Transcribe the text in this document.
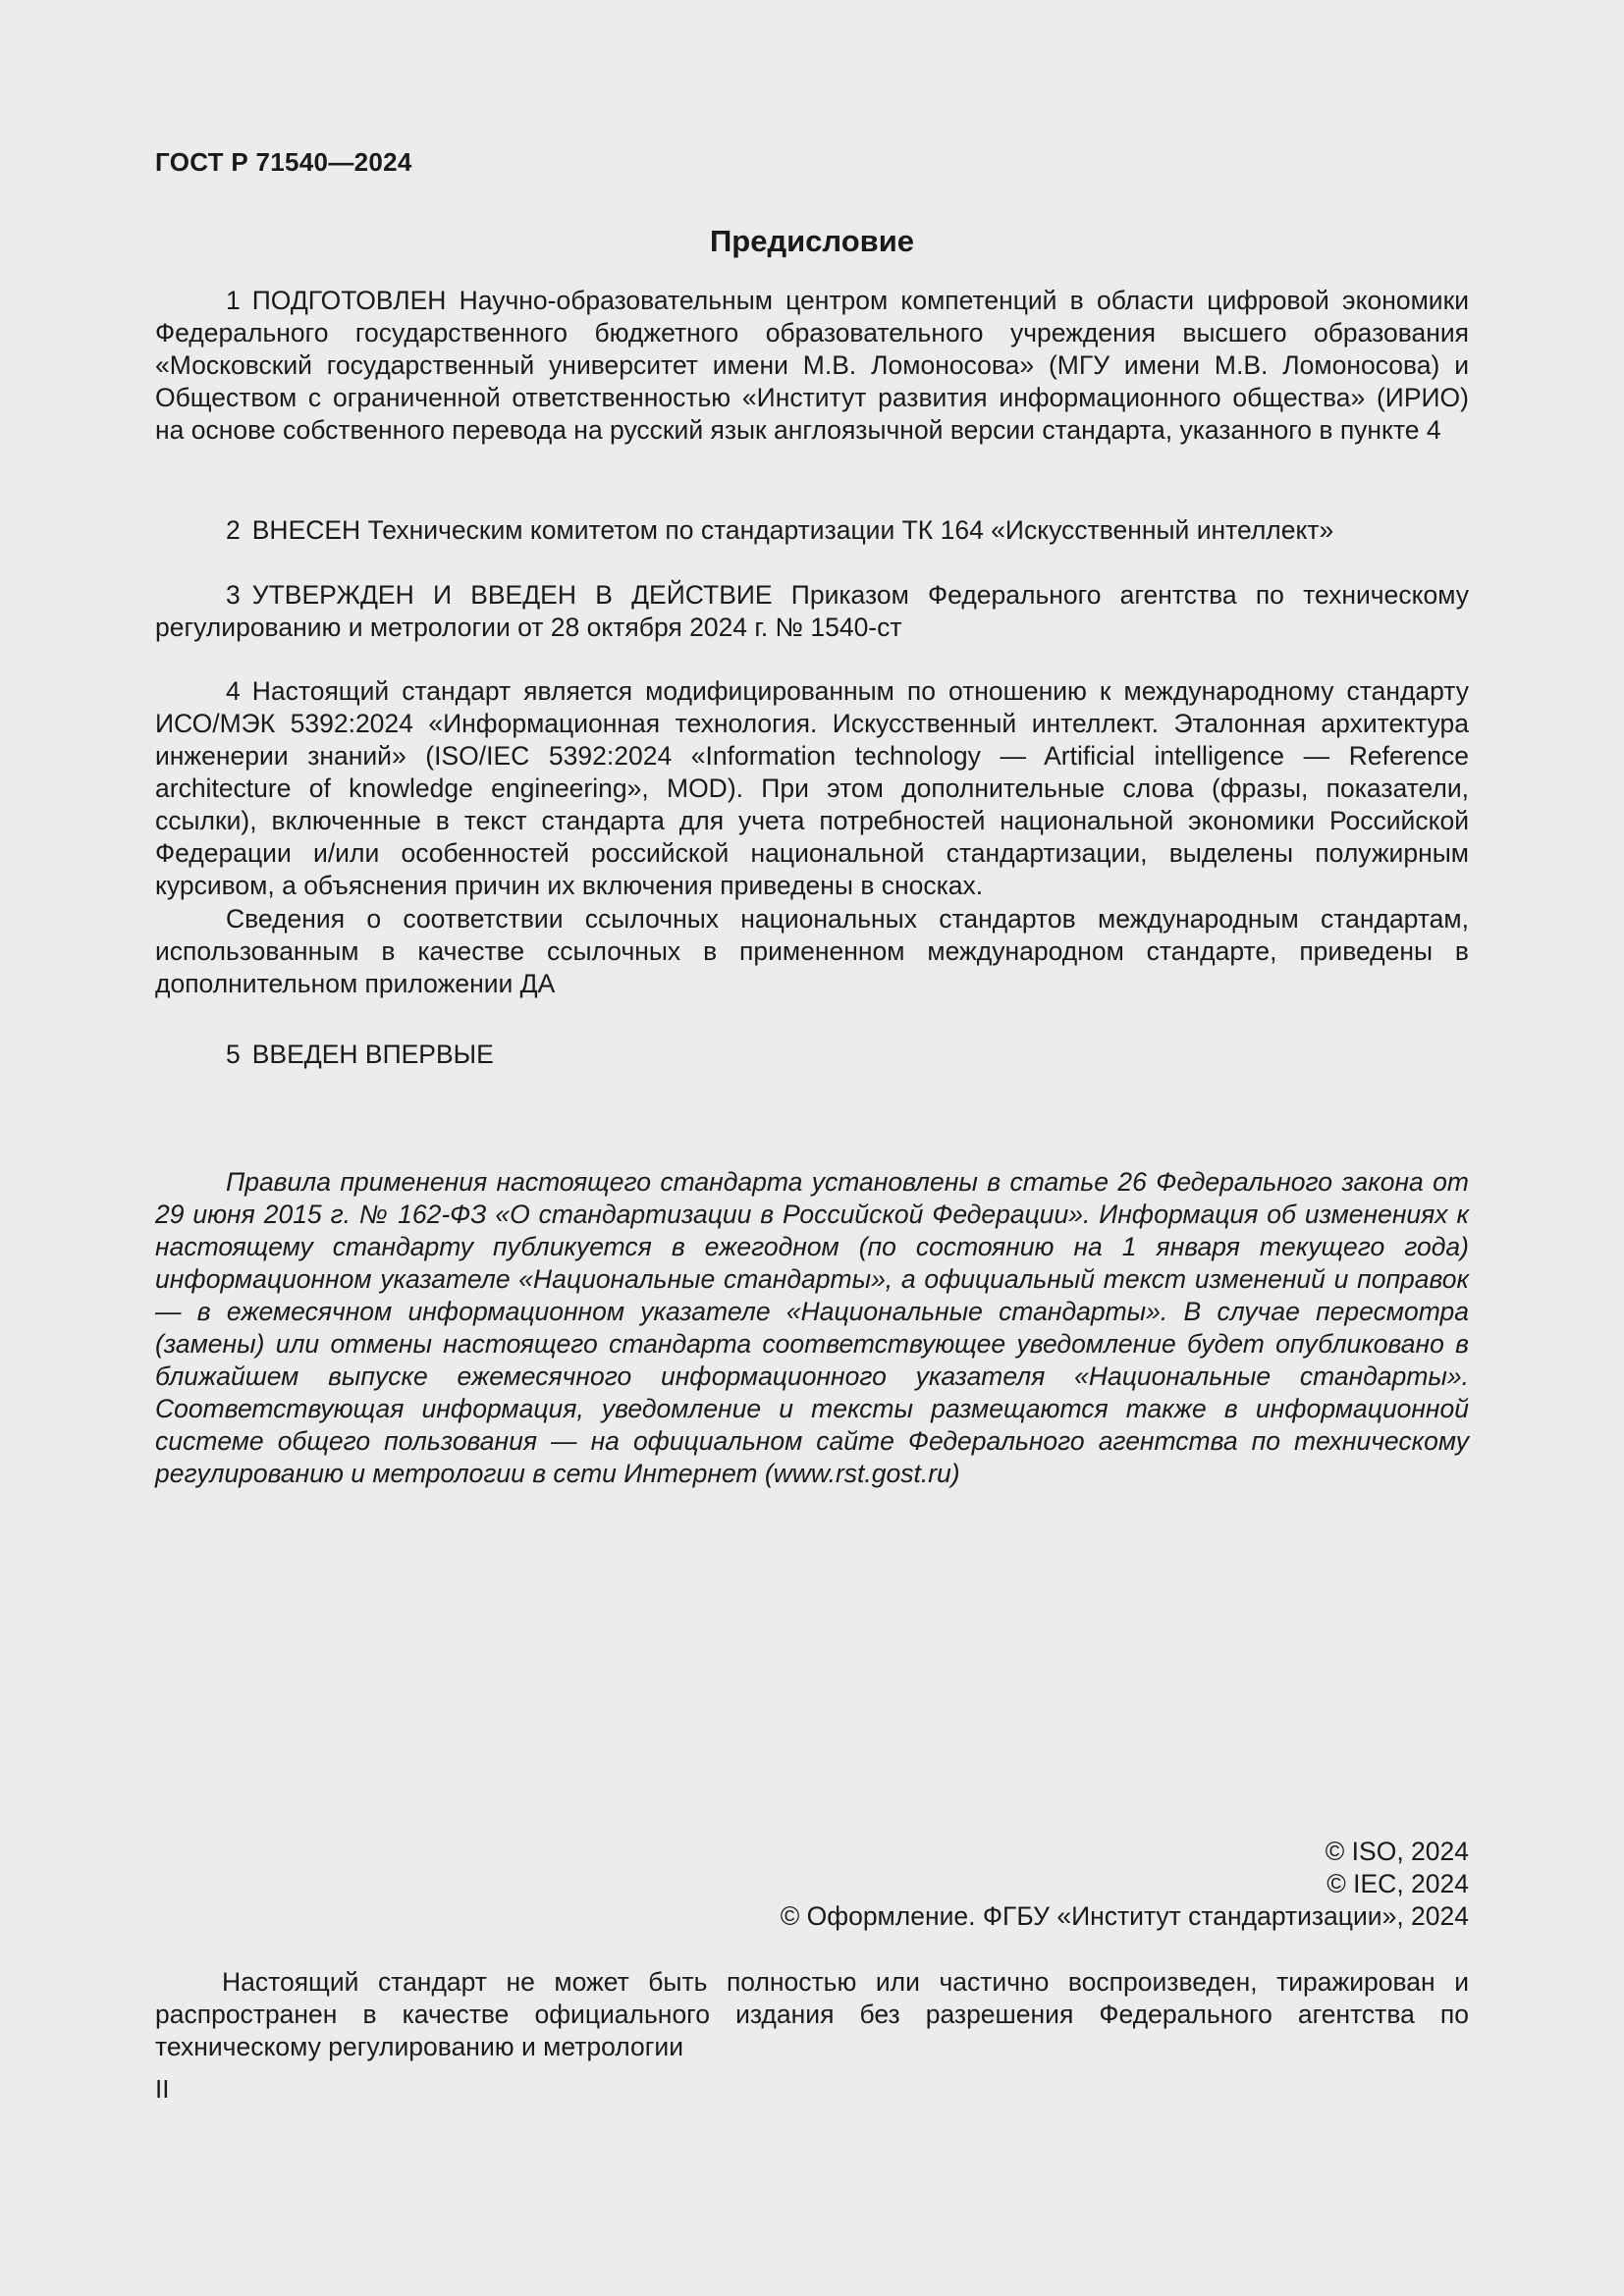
ГОСТ Р 71540—2024
Предисловие

1 ПОДГОТОВЛЕН Научно-образовательным центром компетенций в области цифровой экономики Федерального государственного бюджетного образовательного учреждения высшего образования «Московский государственный университет имени М.В. Ломоносова» (МГУ имени М.В. Ломоносова) и Обществом с ограниченной ответственностью «Институт развития информационного общества» (ИРИО) на основе собственного перевода на русский язык англоязычной версии стандарта, указанного в пункте 4

2 ВНЕСЕН Техническим комитетом по стандартизации ТК 164 «Искусственный интеллект»

3 УТВЕРЖДЕН И ВВЕДЕН В ДЕЙСТВИЕ Приказом Федерального агентства по техническому регулированию и метрологии от 28 октября 2024 г. № 1540-ст

4 Настоящий стандарт является модифицированным по отношению к международному стандарту ИСО/МЭК 5392:2024 «Информационная технология. Искусственный интеллект. Эталонная архитектура инженерии знаний» (ISO/IEC 5392:2024 «Information technology — Artificial intelligence — Reference architecture of knowledge engineering», MOD). При этом дополнительные слова (фразы, показатели, ссылки), включенные в текст стандарта для учета потребностей национальной экономики Российской Федерации и/или особенностей российской национальной стандартизации, выделены полужирным курсивом, а объяснения причин их включения приведены в сносках.

Сведения о соответствии ссылочных национальных стандартов международным стандартам, использованным в качестве ссылочных в примененном международном стандарте, приведены в дополнительном приложении ДА

5 ВВЕДЕН ВПЕРВЫЕ

Правила применения настоящего стандарта установлены в статье 26 Федерального закона от 29 июня 2015 г. № 162-ФЗ «О стандартизации в Российской Федерации». Информация об изменениях к настоящему стандарту публикуется в ежегодном (по состоянию на 1 января текущего года) информационном указателе «Национальные стандарты», а официальный текст изменений и поправок — в ежемесячном информационном указателе «Национальные стандарты». В случае пересмотра (замены) или отмены настоящего стандарта соответствующее уведомление будет опубликовано в ближайшем выпуске ежемесячного информационного указателя «Национальные стандарты». Соответствующая информация, уведомление и тексты размещаются также в информационной системе общего пользования — на официальном сайте Федерального агентства по техническому регулированию и метрологии в сети Интернет (www.rst.gost.ru)

© ISO, 2024
© IEC, 2024
© Оформление. ФГБУ «Институт стандартизации», 2024

Настоящий стандарт не может быть полностью или частично воспроизведен, тиражирован и распространен в качестве официального издания без разрешения Федерального агентства по техническому регулированию и метрологии

II
